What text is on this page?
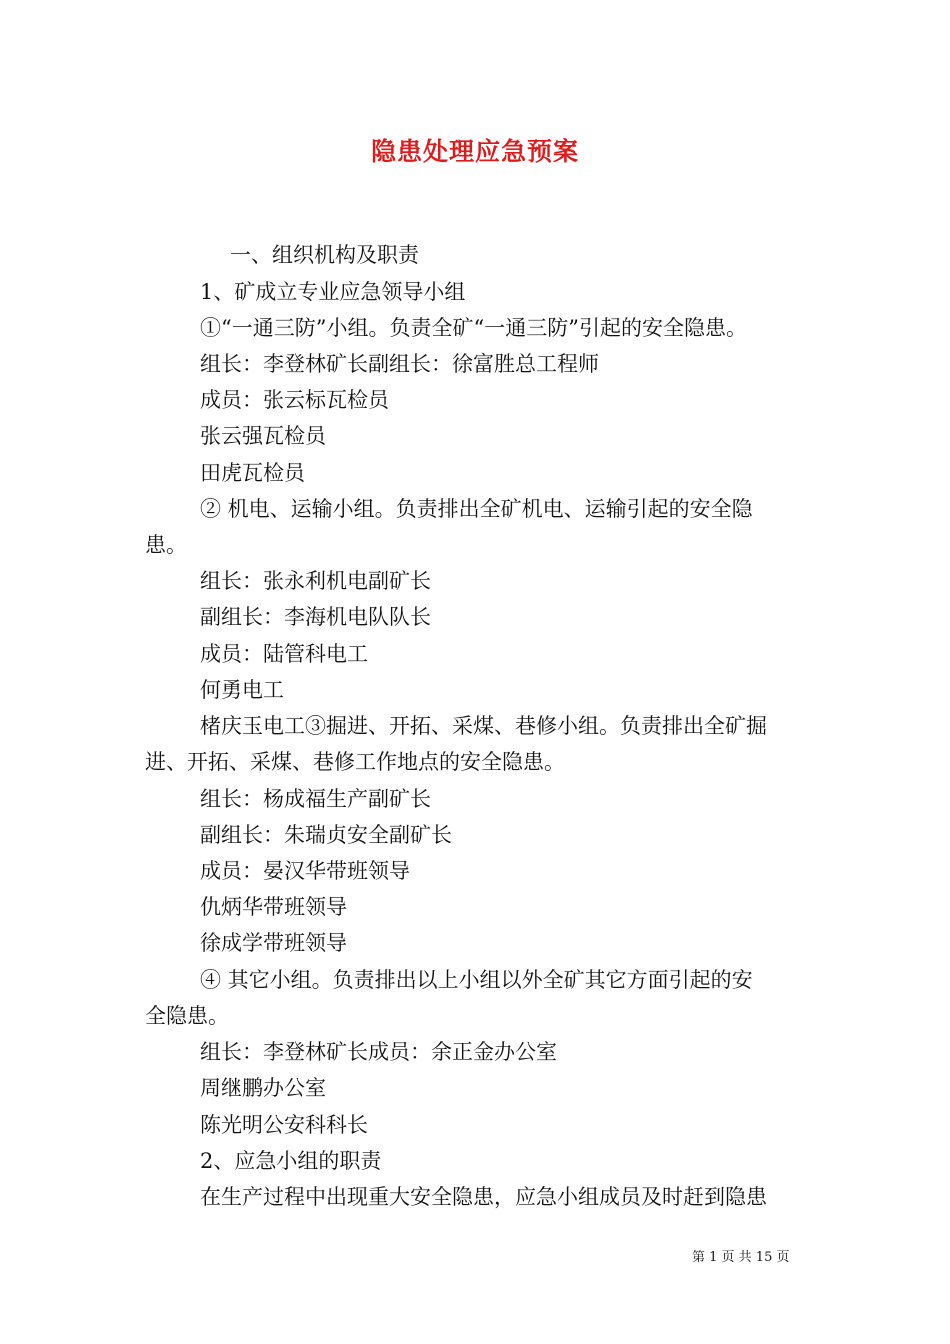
隐患处理应急预案
一、组织机构及职责
1、矿成立专业应急领导小组
①“一通三防”小组。负责全矿“一通三防”引起的安全隐患。
组长：李登林矿长副组长：徐富胜总工程师
成员：张云标瓦检员
张云强瓦检员
田虎瓦检员
② 机电、运输小组。负责排出全矿机电、运输引起的安全隐
患。
组长：张永利机电副矿长
副组长：李海机电队队长
成员：陆管科电工
何勇电工
楮庆玉电工③掘进、开拓、采煤、巷修小组。负责排出全矿掘
进、开拓、采煤、巷修工作地点的安全隐患。
组长：杨成福生产副矿长
副组长：朱瑞贞安全副矿长
成员：晏汉华带班领导
仇炳华带班领导
徐成学带班领导
④ 其它小组。负责排出以上小组以外全矿其它方面引起的安
全隐患。
组长：李登林矿长成员：余正金办公室
周继鹏办公室
陈光明公安科科长
2、应急小组的职责
在生产过程中出现重大安全隐患，应急小组成员及时赶到隐患
第 1 页 共 15 页
